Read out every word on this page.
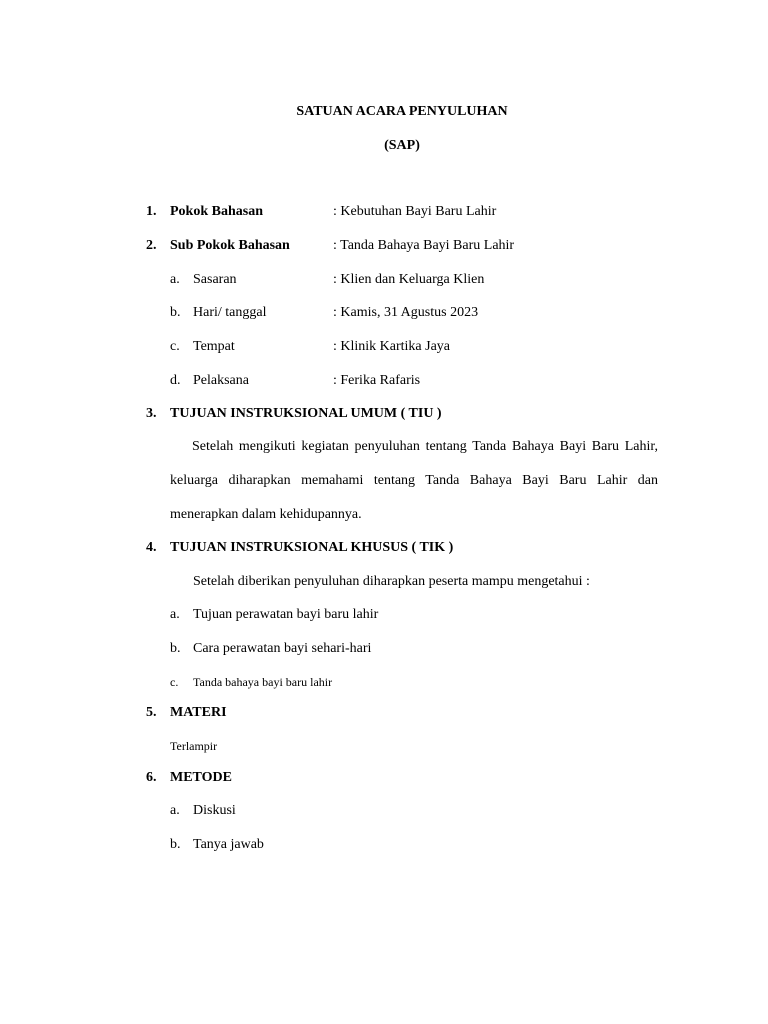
SATUAN ACARA PENYULUHAN
(SAP)
1. Pokok Bahasan	: Kebutuhan Bayi Baru Lahir
2. Sub Pokok Bahasan	: Tanda Bahaya Bayi Baru Lahir
a. Sasaran	: Klien dan Keluarga Klien
b. Hari/ tanggal	: Kamis, 31 Agustus 2023
c. Tempat	: Klinik Kartika Jaya
d. Pelaksana	: Ferika Rafaris
3. TUJUAN INSTRUKSIONAL UMUM ( TIU )
Setelah mengikuti kegiatan penyuluhan tentang Tanda Bahaya Bayi Baru Lahir, keluarga diharapkan memahami tentang Tanda Bahaya Bayi Baru Lahir dan menerapkan dalam kehidupannya.
4. TUJUAN INSTRUKSIONAL KHUSUS ( TIK )
Setelah diberikan penyuluhan diharapkan peserta mampu mengetahui :
a. Tujuan perawatan bayi baru lahir
b. Cara perawatan bayi sehari-hari
c. Tanda bahaya bayi baru lahir
5. MATERI
Terlampir
6. METODE
a. Diskusi
b. Tanya jawab
